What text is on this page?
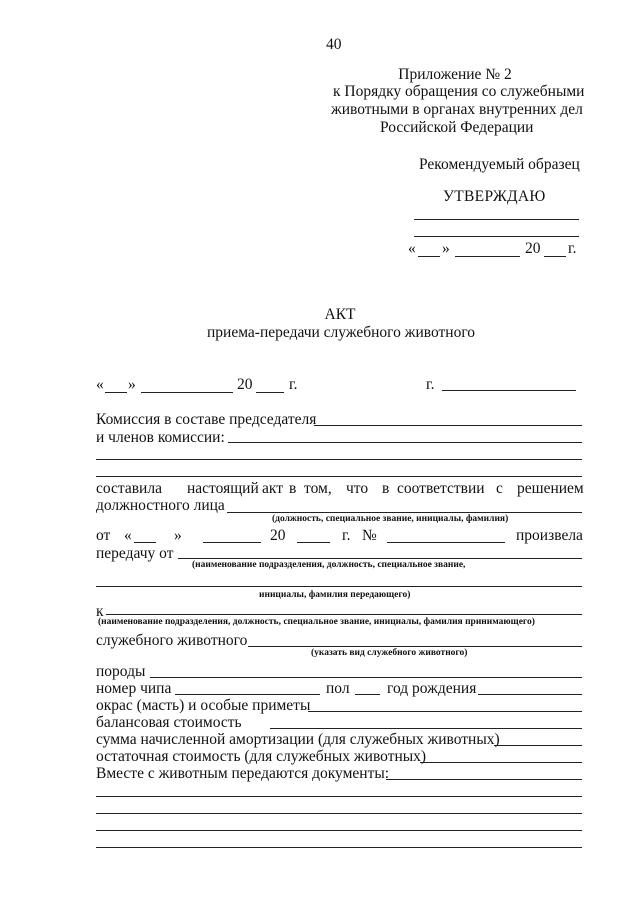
40
Приложение № 2
к Порядку обращения со служебными
животными в органах внутренних дел
Российской Федерации
Рекомендуемый образец
УТВЕРЖДАЮ
« »	20 г.
АКТ
приема-передачи служебного животного
« »	20 г.	г.
Комиссия в составе председателя
и членов комиссии:
составила настоящий акт в том, что в соответствии с решением
должностного лица
(должность, специальное звание, инициалы, фамилия)
от «	»	20	г. №	произвела
передачу от
(наименование подразделения, должность, специальное звание,
инициалы, фамилия передающего)
к
(наименование подразделения, должность, специальное звание, инициалы, фамилия принимающего)
служебного животного
(указать вид служебного животного)
породы
номер чипа	пол год рождения
окрас (масть) и особые приметы
балансовая стоимость
сумма начисленной амортизации (для служебных животных)
остаточная стоимость (для служебных животных)
Вместе с животным передаются документы:
